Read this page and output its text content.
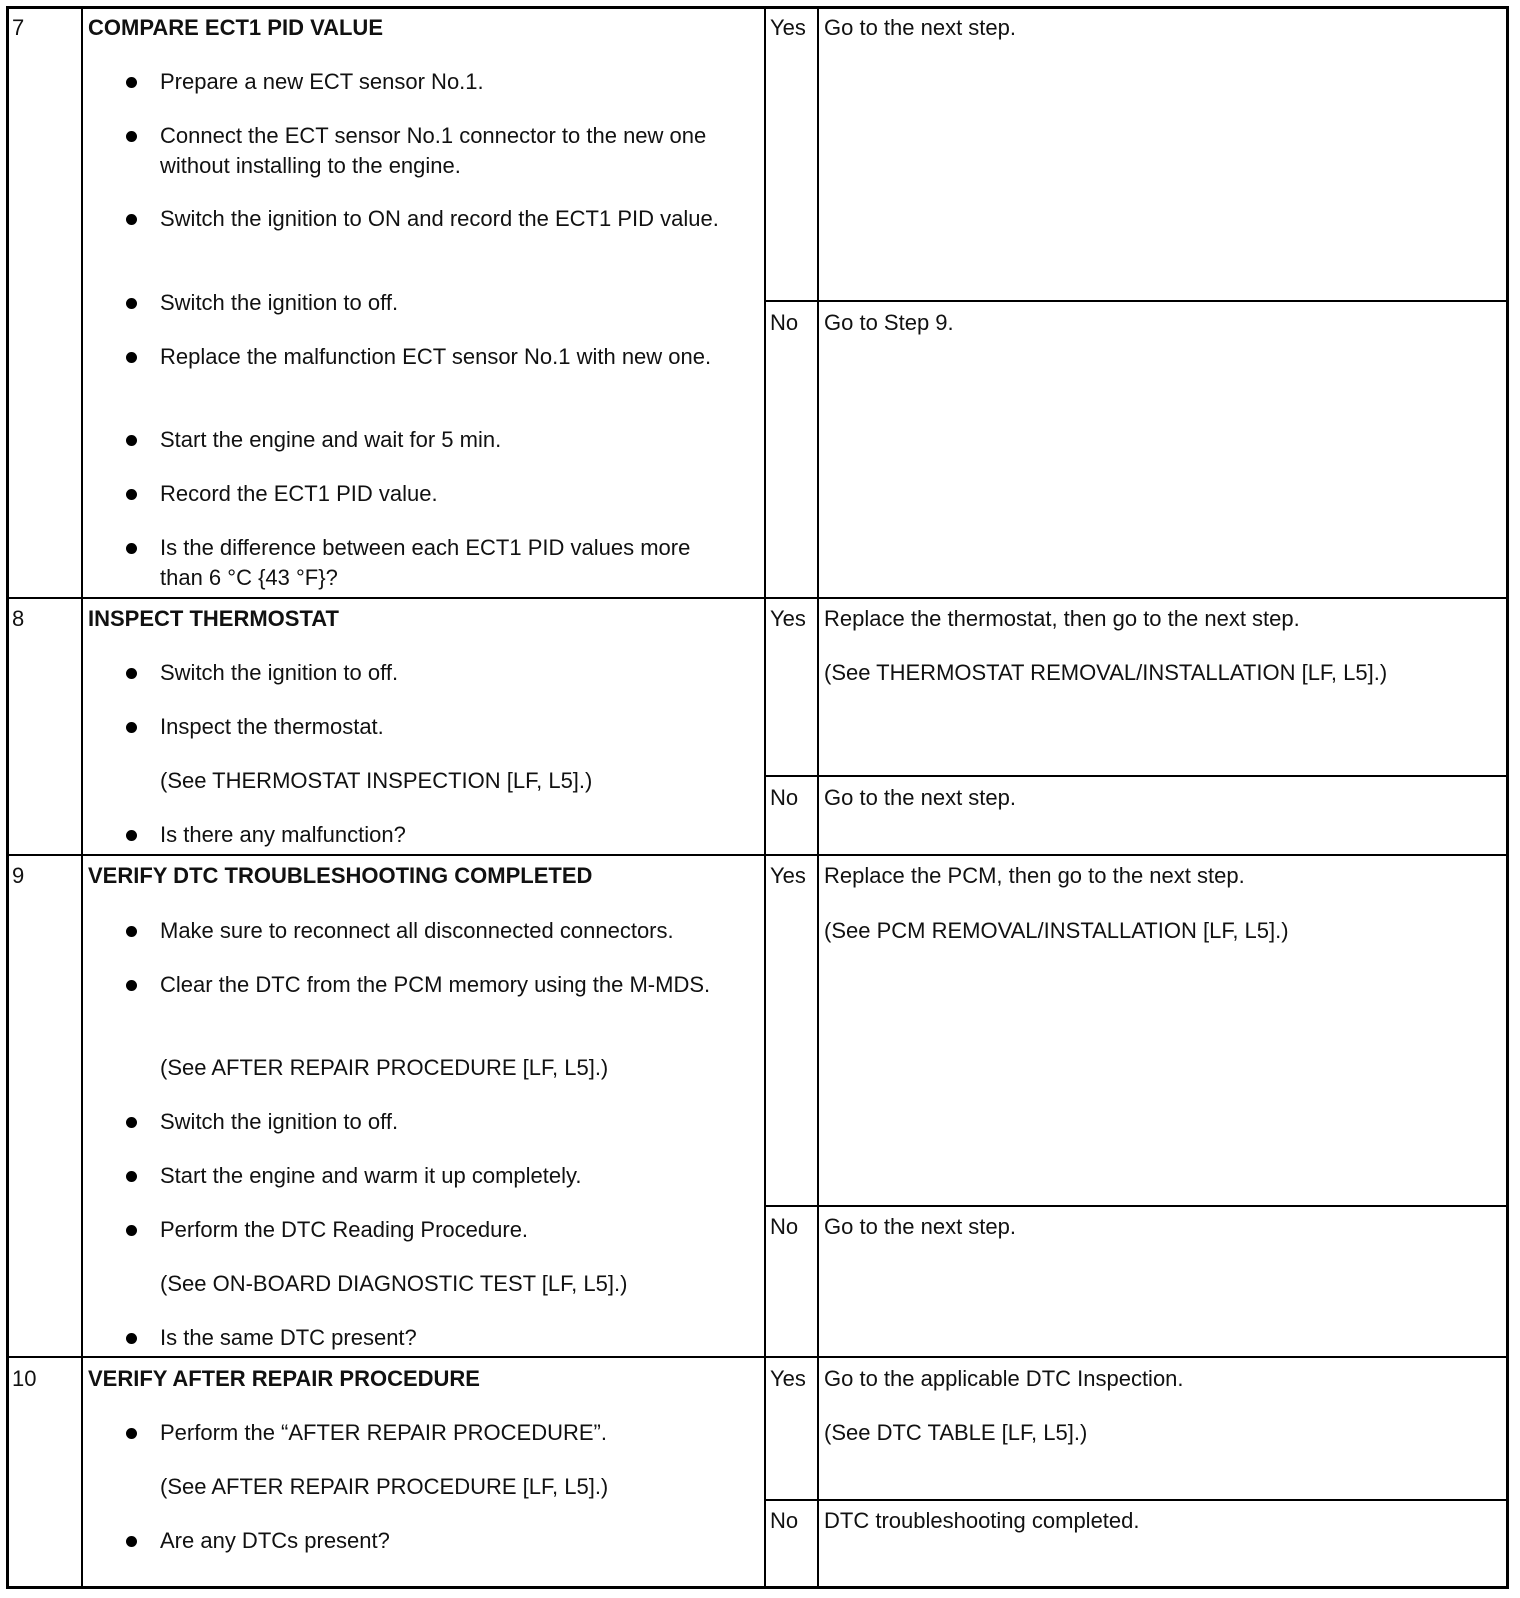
7	COMPARE ECT1 PID VALUE
Prepare a new ECT sensor No.1.
Connect the ECT sensor No.1 connector to the new one without installing to the engine.
Switch the ignition to ON and record the ECT1 PID value.
Switch the ignition to off.
Replace the malfunction ECT sensor No.1 with new one.
Start the engine and wait for 5 min.
Record the ECT1 PID value.
Is the difference between each ECT1 PID values more than 6 °C {43 °F}?
Yes Go to the next step.
No Go to Step 9.
8	INSPECT THERMOSTAT
Switch the ignition to off.
Inspect the thermostat.
(See THERMOSTAT INSPECTION [LF, L5].)
Is there any malfunction?
Yes Replace the thermostat, then go to the next step.
(See THERMOSTAT REMOVAL/INSTALLATION [LF, L5].)
No Go to the next step.
9	VERIFY DTC TROUBLESHOOTING COMPLETED
Make sure to reconnect all disconnected connectors.
Clear the DTC from the PCM memory using the M-MDS.
(See AFTER REPAIR PROCEDURE [LF, L5].)
Switch the ignition to off.
Start the engine and warm it up completely.
Perform the DTC Reading Procedure.
(See ON-BOARD DIAGNOSTIC TEST [LF, L5].)
Is the same DTC present?
Yes Replace the PCM, then go to the next step.
(See PCM REMOVAL/INSTALLATION [LF, L5].)
No Go to the next step.
10 VERIFY AFTER REPAIR PROCEDURE
Perform the “AFTER REPAIR PROCEDURE”.
(See AFTER REPAIR PROCEDURE [LF, L5].)
Are any DTCs present?
Yes Go to the applicable DTC Inspection.
(See DTC TABLE [LF, L5].)
No DTC troubleshooting completed.
